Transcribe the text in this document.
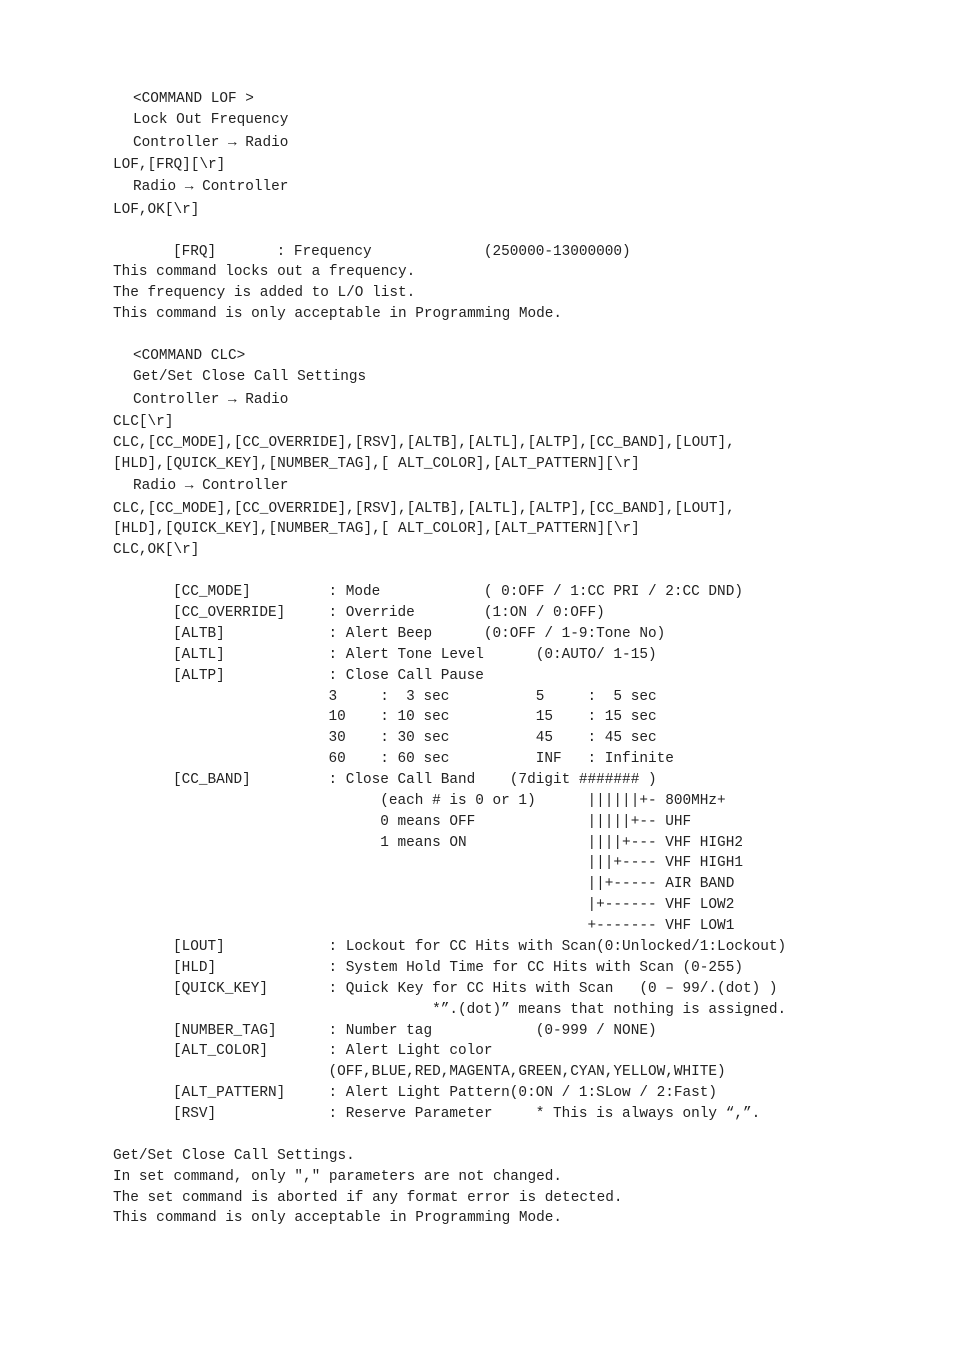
<COMMAND LOF >

Lock Out Frequency

Controller → Radio

LOF,[FRQ][\r]

Radio → Controller

LOF,OK[\r]

[FRQ]       : Frequency             (250000-13000000)

This command locks out a frequency.

The frequency is added to L/O list.

This command is only acceptable in Programming Mode.

<COMMAND CLC>

Get/Set Close Call Settings

Controller → Radio

CLC[\r]

CLC,[CC_MODE],[CC_OVERRIDE],[RSV],[ALTB],[ALTL],[ALTP],[CC_BAND],[LOUT],

[HLD],[QUICK_KEY],[NUMBER_TAG],[ ALT_COLOR],[ALT_PATTERN][\r]

Radio → Controller

CLC,[CC_MODE],[CC_OVERRIDE],[RSV],[ALTB],[ALTL],[ALTP],[CC_BAND],[LOUT],

[HLD],[QUICK_KEY],[NUMBER_TAG],[ ALT_COLOR],[ALT_PATTERN][\r]

CLC,OK[\r]

[CC_MODE]         : Mode            ( 0:OFF / 1:CC PRI / 2:CC DND)

[CC_OVERRIDE]     : Override        (1:ON / 0:OFF)

[ALTB]            : Alert Beep      (0:OFF / 1-9:Tone No)

[ALTL]            : Alert Tone Level      (0:AUTO/ 1-15)

[ALTP]            : Close Call Pause

3     :  3 sec          5     :  5 sec

10    : 10 sec          15    : 15 sec

30    : 30 sec          45    : 45 sec

60    : 60 sec          INF   : Infinite

[CC_BAND]         : Close Call Band    (7digit ####### )

(each # is 0 or 1)      ||||||+- 800MHz+

0 means OFF             |||||+-- UHF

1 means ON              ||||+--- VHF HIGH2

|||+---- VHF HIGH1

||+----- AIR BAND

|+------ VHF LOW2

+------- VHF LOW1

[LOUT]            : Lockout for CC Hits with Scan(0:Unlocked/1:Lockout)

[HLD]             : System Hold Time for CC Hits with Scan (0-255)

[QUICK_KEY]       : Quick Key for CC Hits with Scan   (0 – 99/.(dot) )

*”.(dot)” means that nothing is assigned.

[NUMBER_TAG]      : Number tag            (0-999 / NONE)

[ALT_COLOR]       : Alert Light color

(OFF,BLUE,RED,MAGENTA,GREEN,CYAN,YELLOW,WHITE)

[ALT_PATTERN]     : Alert Light Pattern(0:ON / 1:SLow / 2:Fast)

[RSV]             : Reserve Parameter     * This is always only “,”.

Get/Set Close Call Settings.

In set command, only "," parameters are not changed.

The set command is aborted if any format error is detected.

This command is only acceptable in Programming Mode.
